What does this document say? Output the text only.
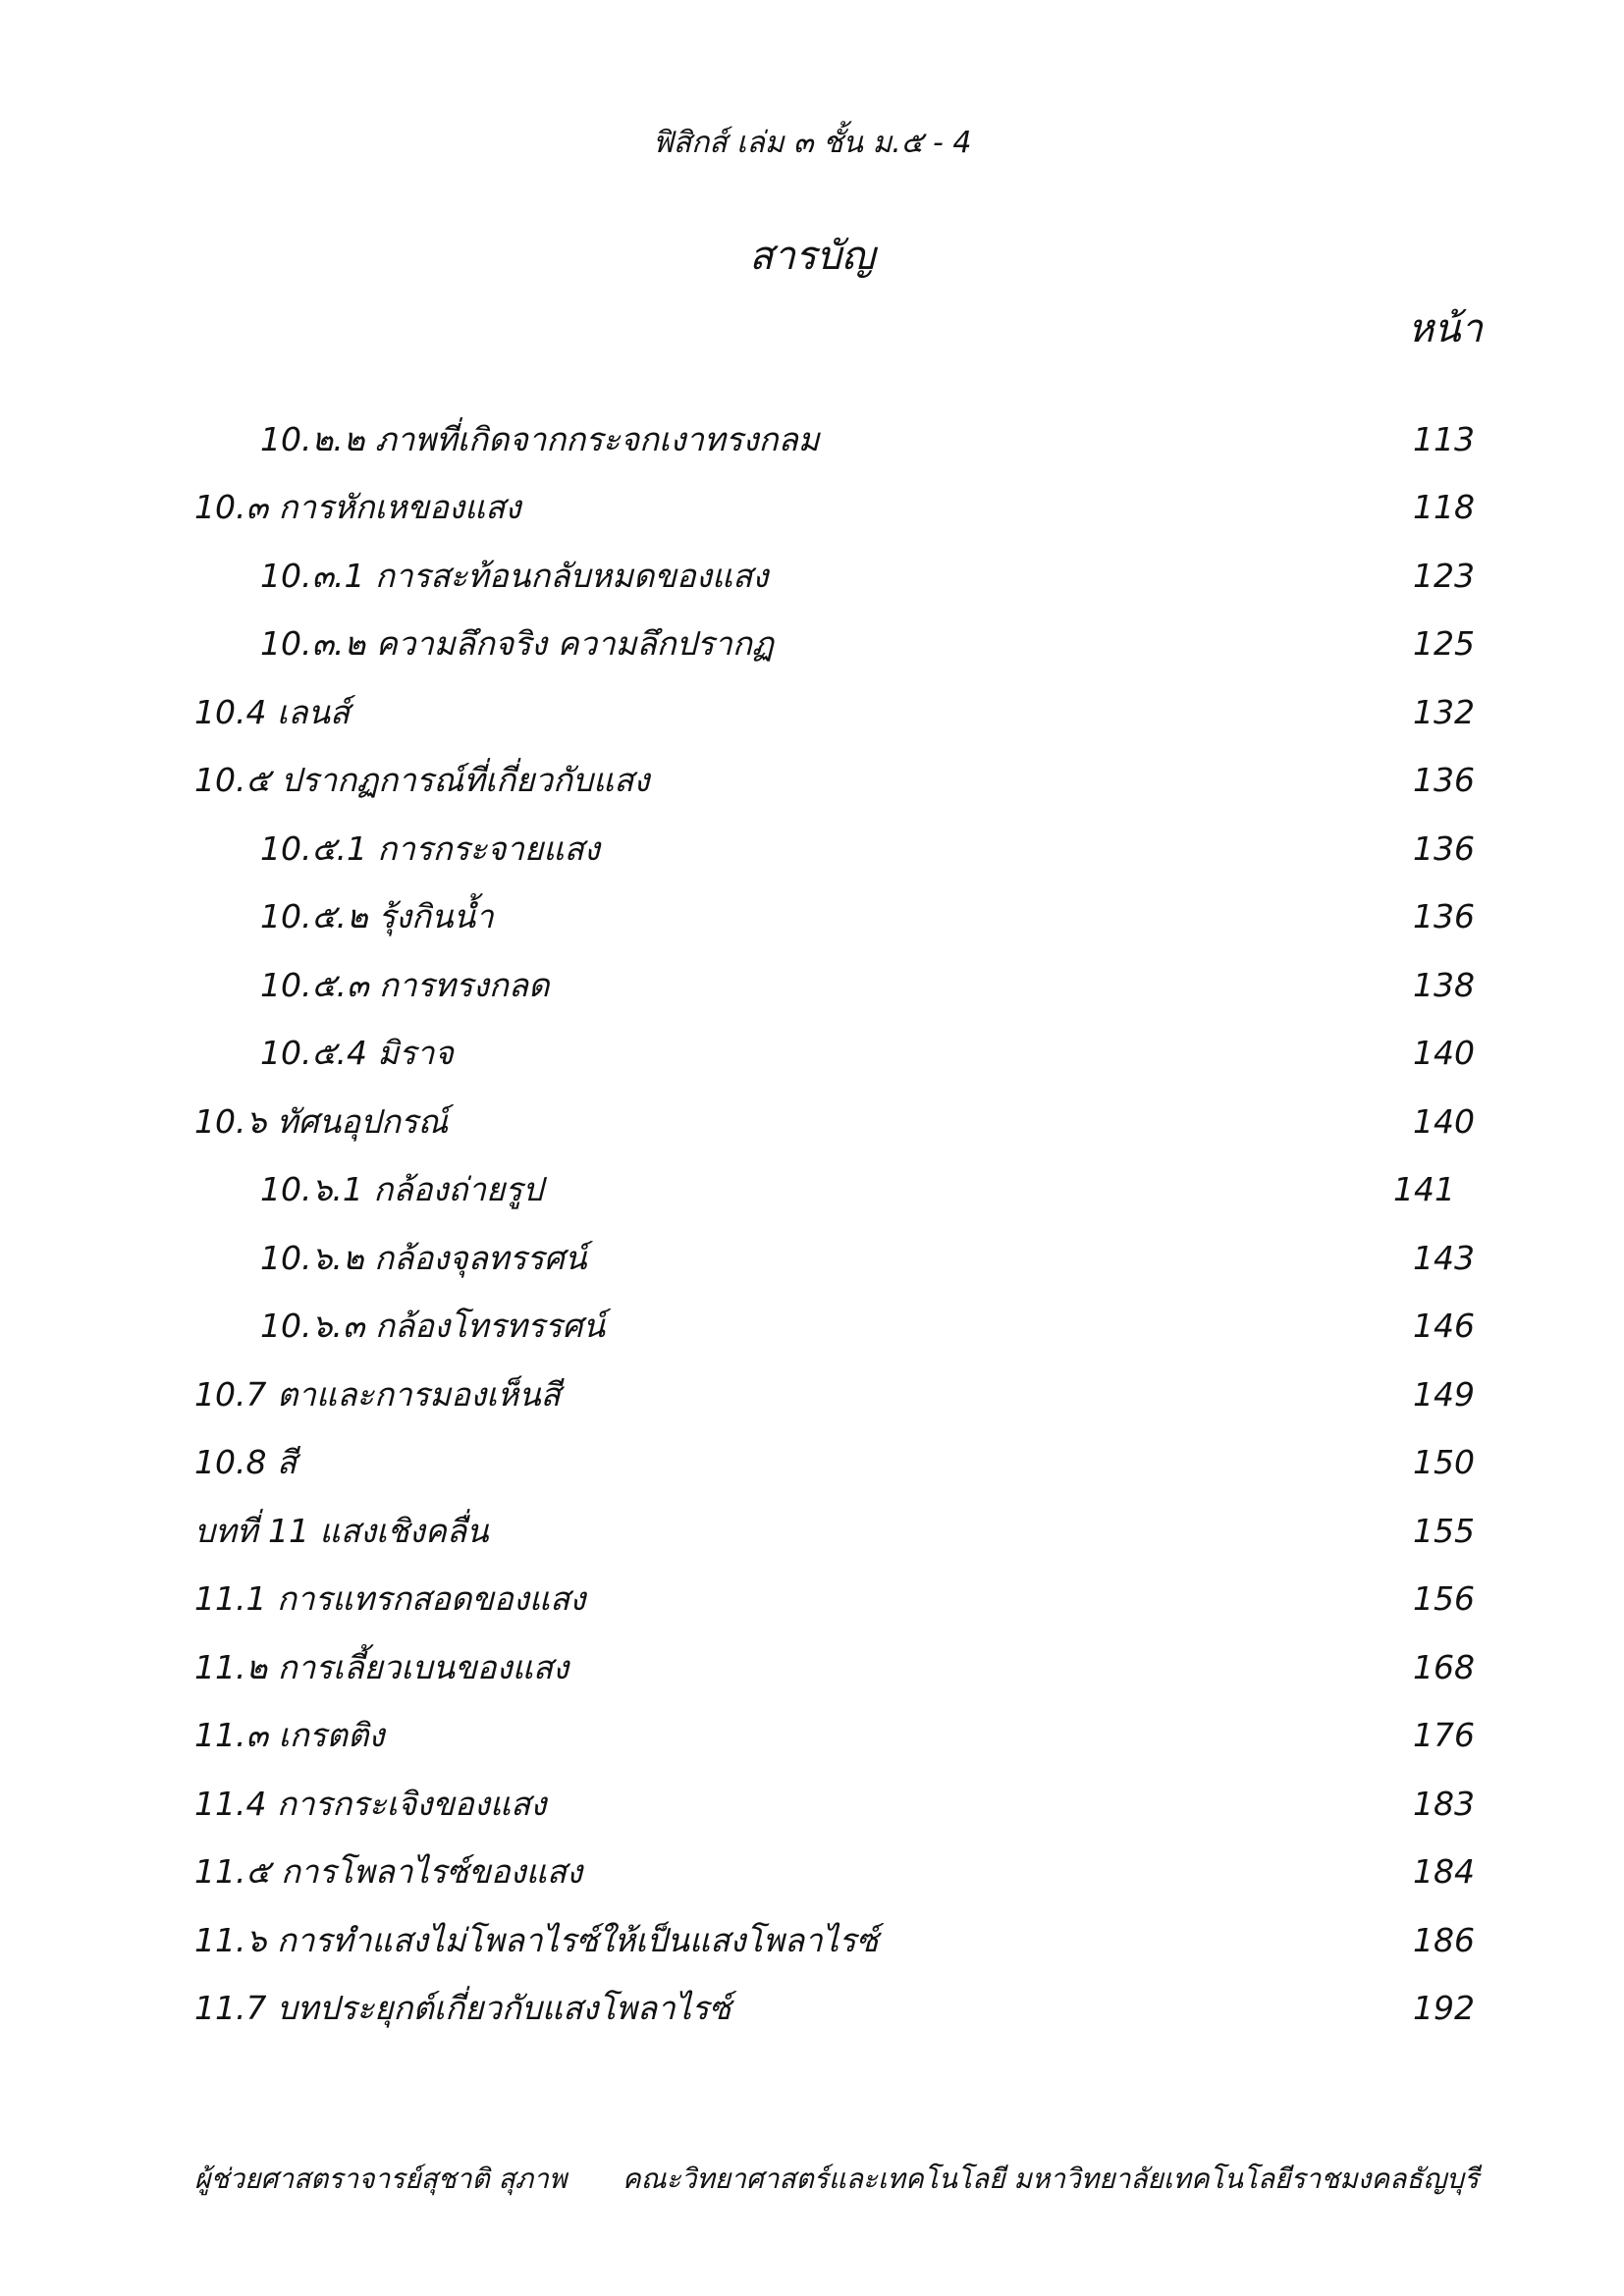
ฟิสิกส์ เล่ม ๓ ชั้น ม.๕ - 4
สารบัญ
หน้า
10.๒.๒ ภาพที่เกิดจากกระจกเงาทรงกลม	113
10.๓ การหักเหของแสง	118
10.๓.1 การสะท้อนกลับหมดของแสง	123
10.๓.๒ ความลึกจริง ความลึกปรากฏ	125
10.4 เลนส์	132
10.๕ ปรากฏการณ์ที่เกี่ยวกับแสง	136
10.๕.1 การกระจายแสง	136
10.๕.๒ รุ้งกินน้ำ	136
10.๕.๓ การทรงกลด	138
10.๕.4 มิราจ	140
10.๖ ทัศนอุปกรณ์	140
10.๖.1 กล้องถ่ายรูป	141
10.๖.๒ กล้องจุลทรรศน์	143
10.๖.๓ กล้องโทรทรรศน์	146
10.7 ตาและการมองเห็นสี	149
10.8 สี	150
บทที่ 11 แสงเชิงคลื่น	155
11.1 การแทรกสอดของแสง	156
11.๒ การเลี้ยวเบนของแสง	168
11.๓ เกรตติง	176
11.4 การกระเจิงของแสง	183
11.๕ การโพลาไรซ์ของแสง	184
11.๖ การทำแสงไม่โพลาไรซ์ให้เป็นแสงโพลาไรซ์	186
11.7 บทประยุกต์เกี่ยวกับแสงโพลาไรซ์	192
ผู้ช่วยศาสตราจารย์สุชาติ สุภาพ คณะวิทยาศาสตร์และเทคโนโลยี มหาวิทยาลัยเทคโนโลยีราชมงคลธัญบุรี
